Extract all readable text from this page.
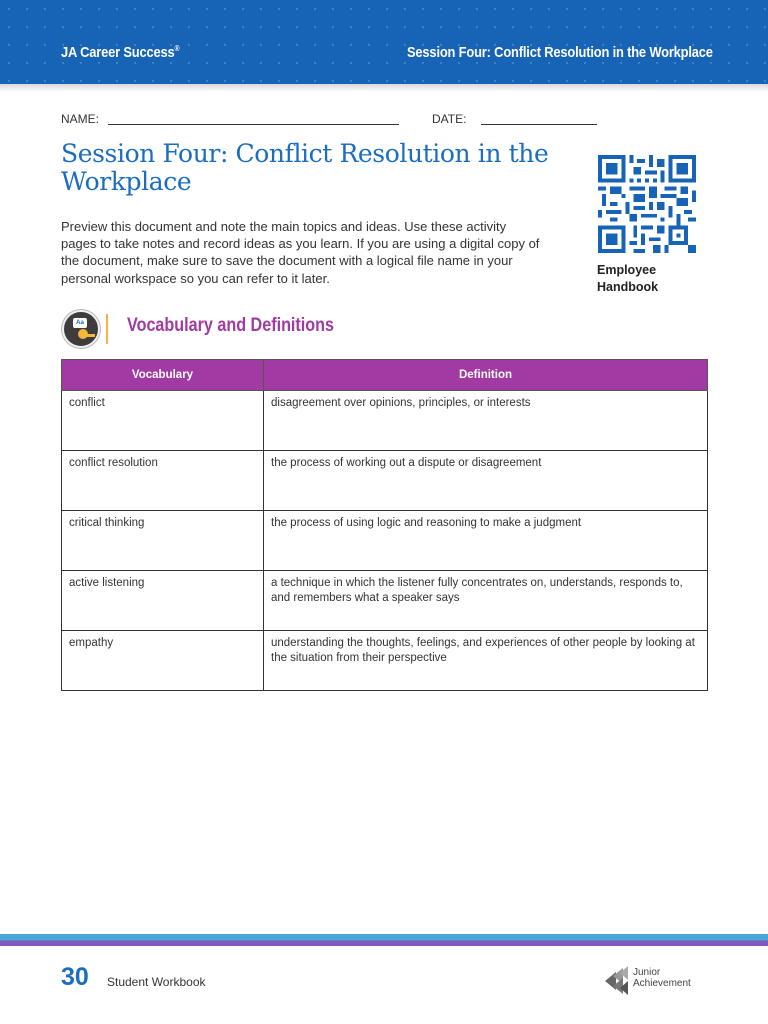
JA Career Success®	Session Four: Conflict Resolution in the Workplace
NAME:	DATE:
Session Four: Conflict Resolution in the Workplace
Preview this document and note the main topics and ideas. Use these activity pages to take notes and record ideas as you learn. If you are using a digital copy of the document, make sure to save the document with a logical file name in your personal workspace so you can refer to it later.
Employee
Handbook
Aa Vocabulary and Definitions
Vocabulary	Definition
conflict	disagreement over opinions, principles, or interests
conflict resolution	the process of working out a dispute or disagreement
critical thinking	the process of using logic and reasoning to make a judgment
active listening	a technique in which the listener fully concentrates on, understands, responds to, and remembers what a speaker says
empathy	understanding the thoughts, feelings, and experiences of other people by looking at the situation from their perspective
30 Student Workbook
Junior
Achievement
